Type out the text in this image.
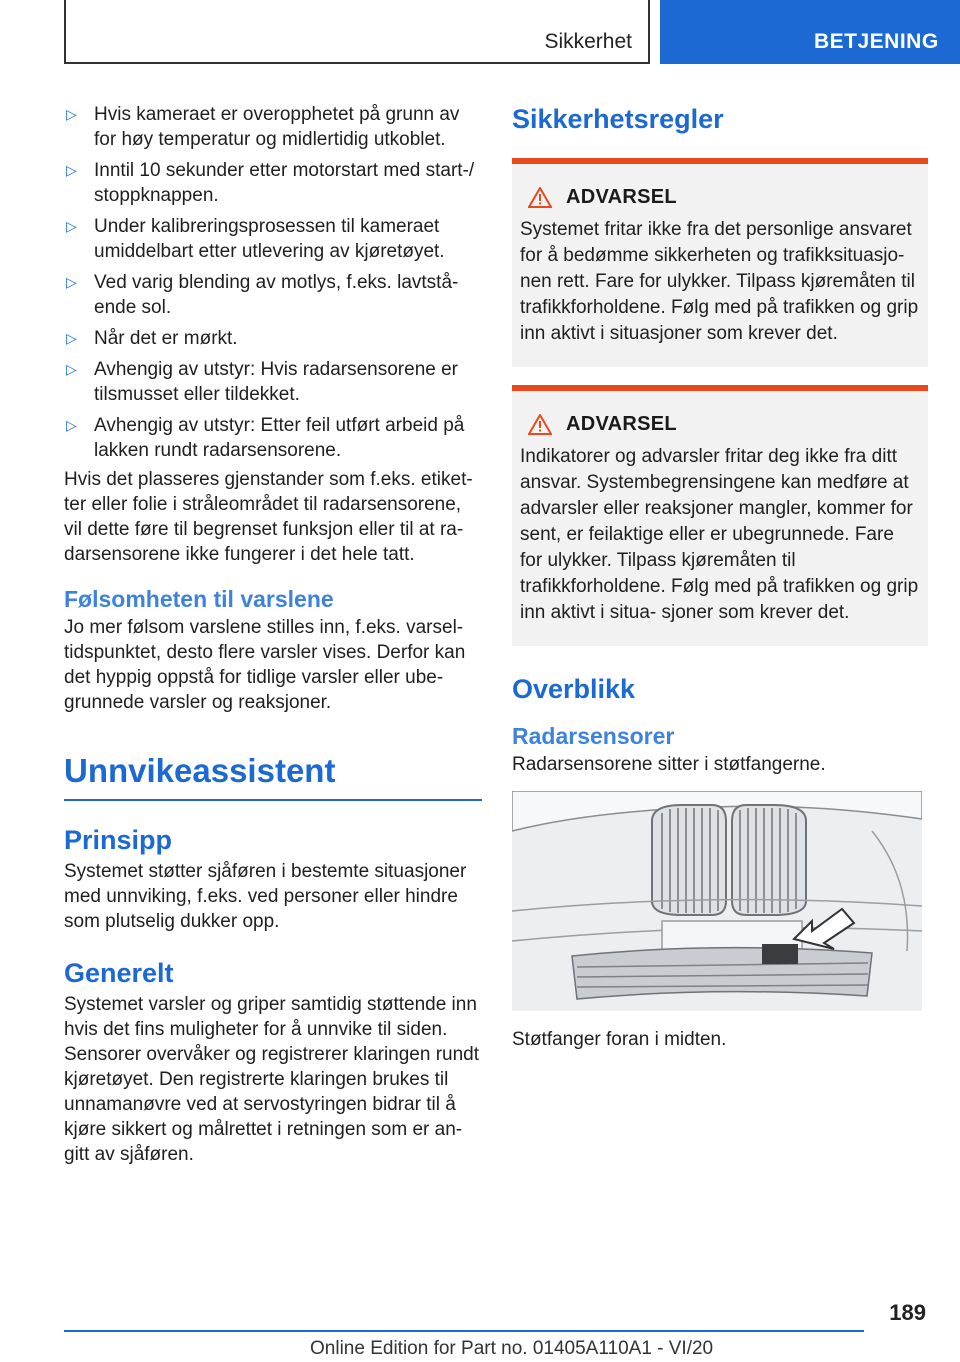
Sikkerhet	BETJENING
▷ Hvis kameraet er overopphetet på grunn av for høy temperatur og midlertidig utkoblet.
▷ Inntil 10 sekunder etter motorstart med start-/ stoppknappen.
▷ Under kalibreringsprosessen til kameraet umiddelbart etter utlevering av kjøretøyet.
▷ Ved varig blending av motlys, f.eks. lavtstå- ende sol.
▷ Når det er mørkt.
▷ Avhengig av utstyr: Hvis radarsensorene er tilsmusset eller tildekket.
▷ Avhengig av utstyr: Etter feil utført arbeid på lakken rundt radarsensorene.

Hvis det plasseres gjenstander som f.eks. etiket- ter eller folie i stråleområdet til radarsensorene, vil dette føre til begrenset funksjon eller til at ra- darsensorene ikke fungerer i det hele tatt.

Følsomheten til varslene

Jo mer følsom varslene stilles inn, f.eks. varsel- tidspunktet, desto flere varsler vises. Derfor kan det hyppig oppstå for tidlige varsler eller ube- grunnede varsler og reaksjoner.

Unnvikeassistent
Prinsipp

Systemet støtter sjåføren i bestemte situasjoner med unnviking, f.eks. ved personer eller hindre som plutselig dukker opp.

Generelt

Systemet varsler og griper samtidig støttende inn hvis det fins muligheter for å unnvike til siden. Sensorer overvåker og registrerer klaringen rundt kjøretøyet. Den registrerte klaringen brukes til unnamanøvre ved at servostyringen bidrar til å kjøre sikkert og målrettet i retningen som er an- gitt av sjåføren.

Sikkerhetsregler
ADVARSEL

Systemet fritar ikke fra det personlige ansvaret for å bedømme sikkerheten og trafikksituasjo- nen rett. Fare for ulykker. Tilpass kjøremåten til trafikkforholdene. Følg med på trafikken og grip inn aktivt i situasjoner som krever det.

ADVARSEL

Indikatorer og advarsler fritar deg ikke fra ditt ansvar. Systembegrensingene kan medføre at advarsler eller reaksjoner mangler, kommer for sent, er feilaktige eller er ubegrunnede. Fare for ulykker. Tilpass kjøremåten til trafikkforholdene. Følg med på trafikken og grip inn aktivt i situa- sjoner som krever det.

Overblikk
Radarsensorer

Radarsensorene sitter i støtfangerne.

Støtfanger foran i midten.

189
Online Edition for Part no. 01405A110A1 - VI/20
